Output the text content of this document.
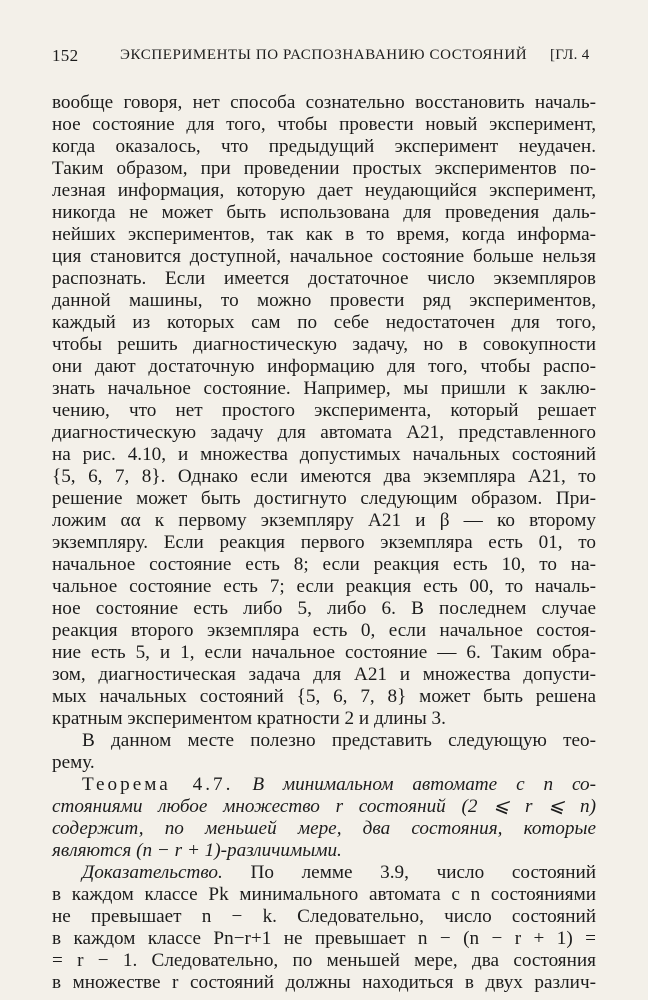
152	ЭКСПЕРИМЕНТЫ ПО РАСПОЗНАВАНИЮ СОСТОЯНИЙ [ГЛ. 4
вообще говоря, нет способа сознательно восстановить началь-
ное состояние для того, чтобы провести новый эксперимент,
когда оказалось, что предыдущий эксперимент неудачен.
Таким образом, при проведении простых экспериментов по-
лезная информация, которую дает неудающийся эксперимент,
никогда не может быть использована для проведения даль-
нейших экспериментов, так как в то время, когда информа-
ция становится доступной, начальное состояние больше нельзя
распознать. Если имеется достаточное число экземпляров
данной машины, то можно провести ряд экспериментов,
каждый из которых сам по себе недостаточен для того,
чтобы решить диагностическую задачу, но в совокупности
они дают достаточную информацию для того, чтобы распо-
знать начальное состояние. Например, мы пришли к заклю-
чению, что нет простого эксперимента, который решает
диагностическую задачу для автомата A21, представленного
на рис. 4.10, и множества допустимых начальных состояний
{5, 6, 7, 8}. Однако если имеются два экземпляра A21, то
решение может быть достигнуто следующим образом. При-
ложим αα к первому экземпляру A21 и β — ко второму
экземпляру. Если реакция первого экземпляра есть 01, то
начальное состояние есть 8; если реакция есть 10, то на-
чальное состояние есть 7; если реакция есть 00, то началь-
ное состояние есть либо 5, либо 6. В последнем случае
реакция второго экземпляра есть 0, если начальное состоя-
ние есть 5, и 1, если начальное состояние — 6. Таким обра-
зом, диагностическая задача для A21 и множества допусти-
мых начальных состояний {5, 6, 7, 8} может быть решена
кратным экспериментом кратности 2 и длины 3.
В данном месте полезно представить следующую тео-
рему.
Теорема 4.7. В минимальном автомате с n со-
стояниями любое множество r состояний (2 ⩽ r ⩽ n)
содержит, по меньшей мере, два состояния, которые
являются (n − r + 1)-различимыми.
Доказательство. По лемме 3.9, число состояний
в каждом классе Pk минимального автомата с n состояниями
не превышает n − k. Следовательно, число состояний
в каждом классе Pn−r+1 не превышает n − (n − r + 1) =
= r − 1. Следовательно, по меньшей мере, два состояния
в множестве r состояний должны находиться в двух различ-
